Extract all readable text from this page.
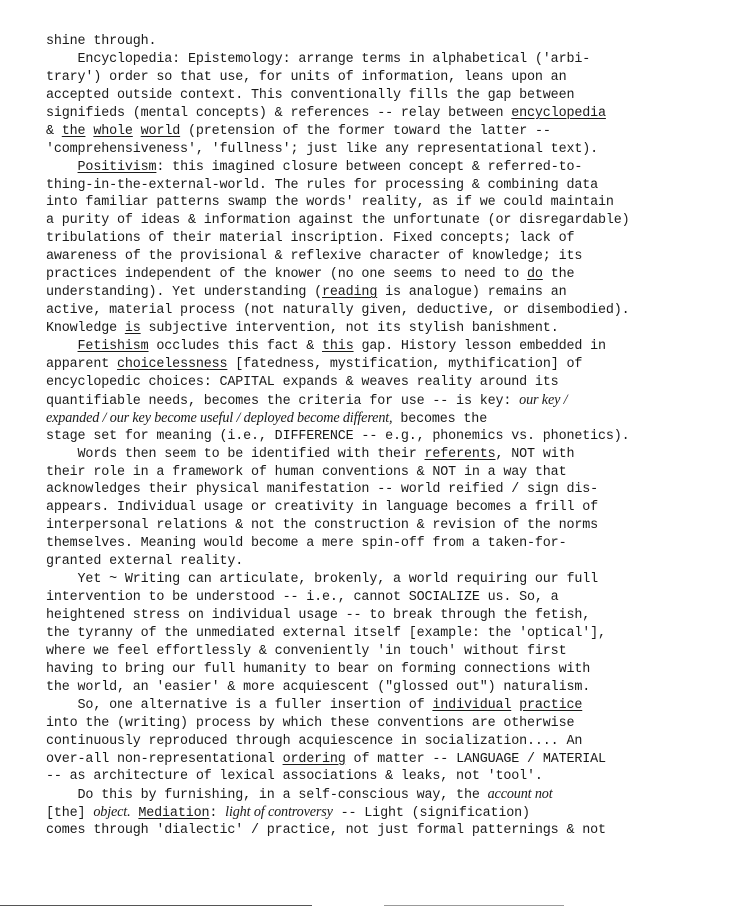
shine through.
Encyclopedia: Epistemology: arrange terms in alphabetical ('arbi-
trary') order so that use, for units of information, leans upon an
accepted outside context. This conventionally fills the gap between
signifieds (mental concepts) & references -- relay between encyclopedia
& the whole world (pretension of the former toward the latter --
'comprehensiveness', 'fullness'; just like any representational text).
Positivism: this imagined closure between concept & referred-to-
thing-in-the-external-world. The rules for processing & combining data
into familiar patterns swamp the words' reality, as if we could maintain
a purity of ideas & information against the unfortunate (or disregardable)
tribulations of their material inscription. Fixed concepts; lack of
awareness of the provisional & reflexive character of knowledge; its
practices independent of the knower (no one seems to need to do the
understanding). Yet understanding (reading is analogue) remains an
active, material process (not naturally given, deductive, or disembodied).
Knowledge is subjective intervention, not its stylish banishment.
Fetishism occludes this fact & this gap. History lesson embedded in
apparent choicelessness [fatedness, mystification, mythification] of
encyclopedic choices: CAPITAL expands & weaves reality around its
quantifiable needs, becomes the criteria for use -- is key: our key /
expanded / our key become useful / deployed become different, becomes the
stage set for meaning (i.e., DIFFERENCE -- e.g., phonemics vs. phonetics).
Words then seem to be identified with their referents, NOT with
their role in a framework of human conventions & NOT in a way that
acknowledges their physical manifestation -- world reified / sign dis-
appears. Individual usage or creativity in language becomes a frill of
interpersonal relations & not the construction & revision of the norms
themselves. Meaning would become a mere spin-off from a taken-for-
granted external reality.
Yet ~ Writing can articulate, brokenly, a world requiring our full
intervention to be understood -- i.e., cannot SOCIALIZE us. So, a
heightened stress on individual usage -- to break through the fetish,
the tyranny of the unmediated external itself [example: the 'optical'],
where we feel effortlessly & conveniently 'in touch' without first
having to bring our full humanity to bear on forming connections with
the world, an 'easier' & more acquiescent ("glossed out") naturalism.
So, one alternative is a fuller insertion of individual practice
into the (writing) process by which these conventions are otherwise
continuously reproduced through acquiescence in socialization.... An
over-all non-representational ordering of matter -- LANGUAGE / MATERIAL
-- as architecture of lexical associations & leaks, not 'tool'.
Do this by furnishing, in a self-conscious way, the account not
[the] object. Mediation: light of controversy -- Light (signification)
comes through 'dialectic' / practice, not just formal patternings & not
